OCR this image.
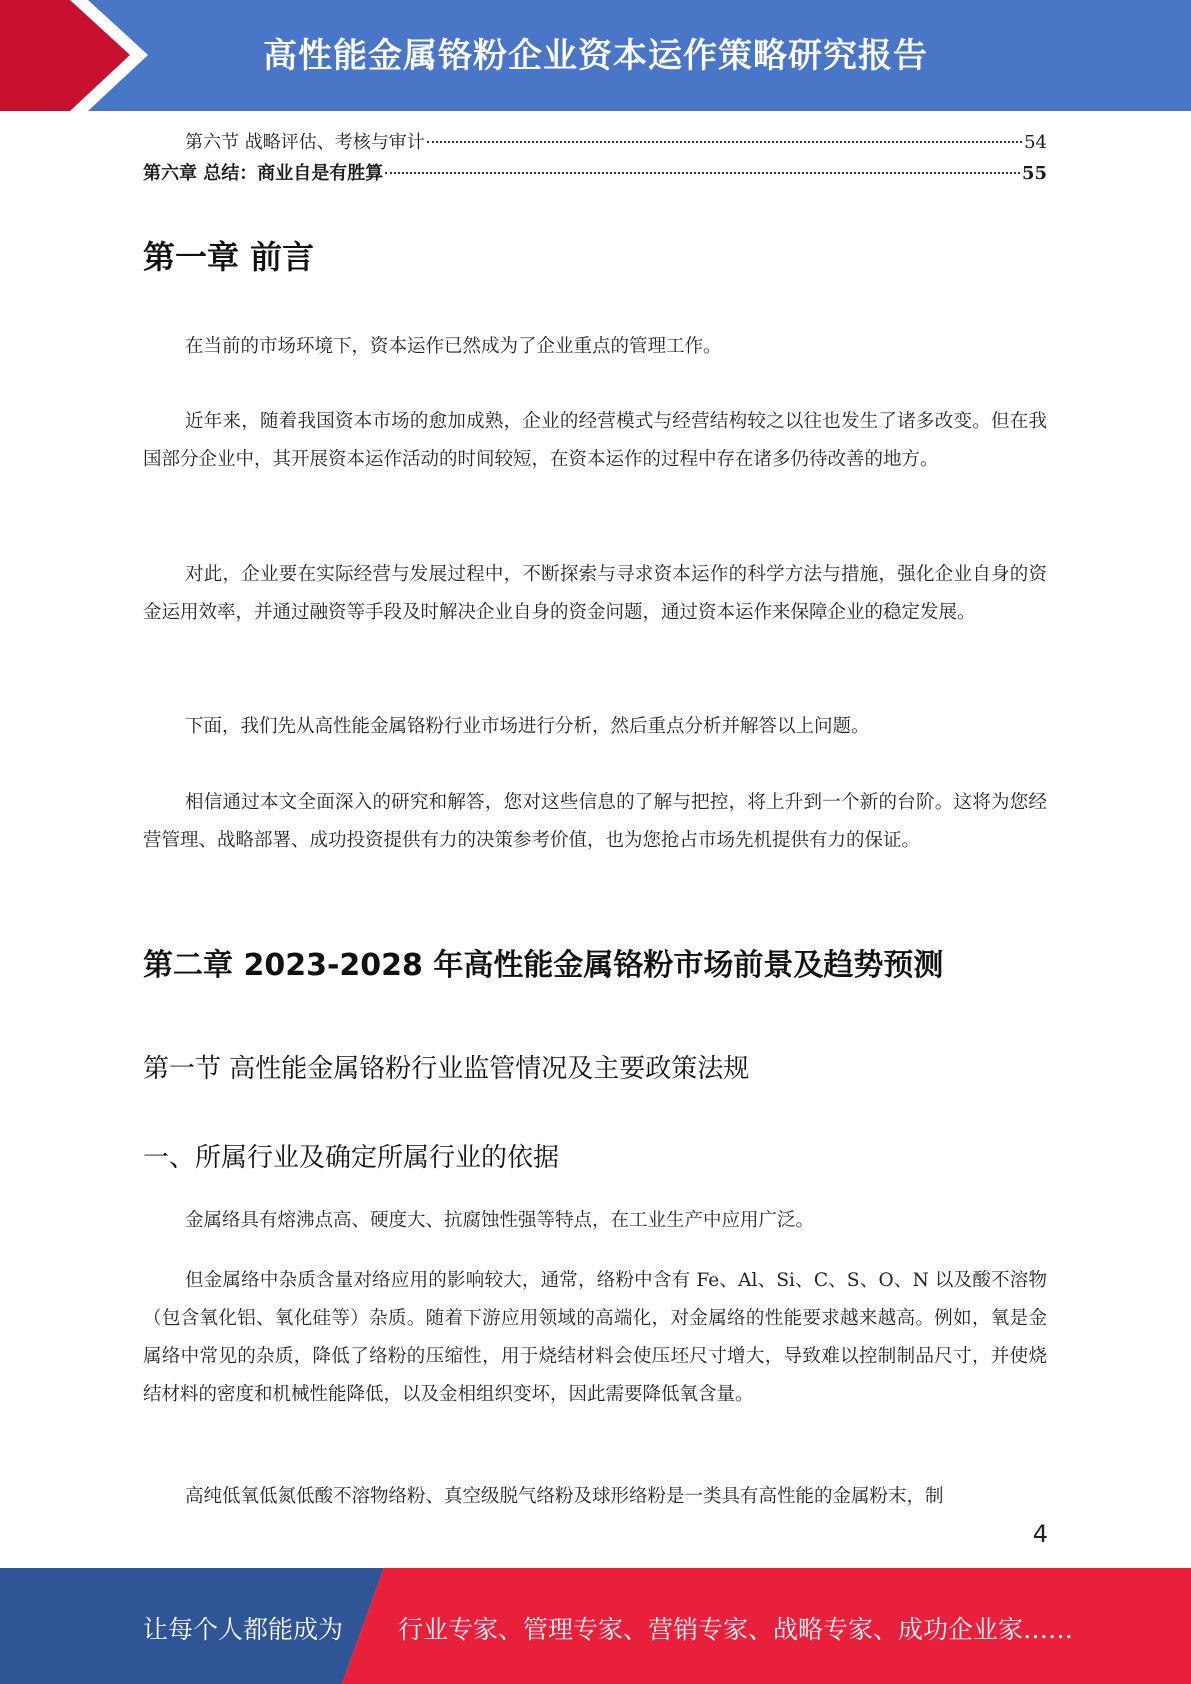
高性能金属铬粉企业资本运作策略研究报告
第六节 战略评估、考核与审计	54
第六章 总结：商业自是有胜算	55
第一章 前言

在当前的市场环境下，资本运作已然成为了企业重点的管理工作。

近年来，随着我国资本市场的愈加成熟，企业的经营模式与经营结构较之以往也发生了诸多改变。但在我国部分企业中，其开展资本运作活动的时间较短，在资本运作的过程中存在诸多仍待改善的地方。

对此，企业要在实际经营与发展过程中，不断探索与寻求资本运作的科学方法与措施，强化企业自身的资金运用效率，并通过融资等手段及时解决企业自身的资金问题，通过资本运作来保障企业的稳定发展。

下面，我们先从高性能金属铬粉行业市场进行分析，然后重点分析并解答以上问题。

相信通过本文全面深入的研究和解答，您对这些信息的了解与把控，将上升到一个新的台阶。这将为您经营管理、战略部署、成功投资提供有力的决策参考价值，也为您抢占市场先机提供有力的保证。

第二章 2023-2028 年高性能金属铬粉市场前景及趋势预测
第一节 高性能金属铬粉行业监管情况及主要政策法规
一、所属行业及确定所属行业的依据

金属络具有熔沸点高、硬度大、抗腐蚀性强等特点，在工业生产中应用广泛。

但金属络中杂质含量对络应用的影响较大，通常，络粉中含有 Fe、Al、Si、C、S、O、N 以及酸不溶物（包含氧化铝、氧化硅等）杂质。随着下游应用领域的高端化，对金属络的性能要求越来越高。例如，氧是金属络中常见的杂质，降低了络粉的压缩性，用于烧结材料会使压坯尺寸增大，导致难以控制制品尺寸，并使烧结材料的密度和机械性能降低，以及金相组织变坏，因此需要降低氧含量。

高纯低氧低氮低酸不溶物络粉、真空级脱气络粉及球形络粉是一类具有高性能的金属粉末，制

4
让每个人都能成为 行业专家、管理专家、营销专家、战略专家、成功企业家……
